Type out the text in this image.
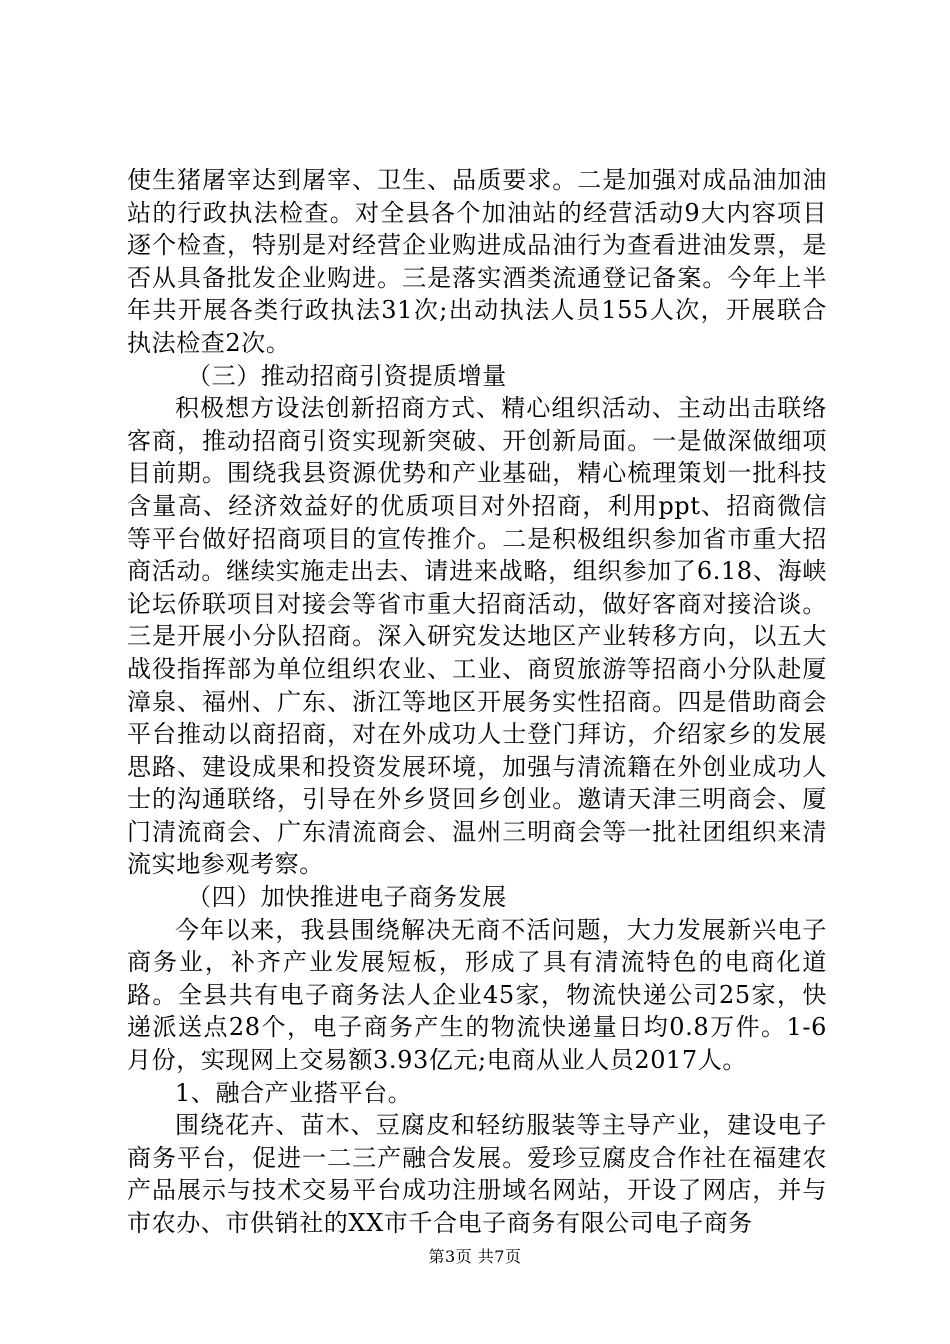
使生猪屠宰达到屠宰、卫生、品质要求。二是加强对成品油加油站的行政执法检查。对全县各个加油站的经营活动9大内容项目逐个检查，特别是对经营企业购进成品油行为查看进油发票，是否从具备批发企业购进。三是落实酒类流通登记备案。今年上半年共开展各类行政执法31次;出动执法人员155人次，开展联合执法检查2次。

（三）推动招商引资提质增量

积极想方设法创新招商方式、精心组织活动、主动出击联络客商，推动招商引资实现新突破、开创新局面。一是做深做细项目前期。围绕我县资源优势和产业基础，精心梳理策划一批科技含量高、经济效益好的优质项目对外招商，利用ppt、招商微信等平台做好招商项目的宣传推介。二是积极组织参加省市重大招商活动。继续实施走出去、请进来战略，组织参加了6.18、海峡论坛侨联项目对接会等省市重大招商活动，做好客商对接洽谈。三是开展小分队招商。深入研究发达地区产业转移方向，以五大战役指挥部为单位组织农业、工业、商贸旅游等招商小分队赴厦漳泉、福州、广东、浙江等地区开展务实性招商。四是借助商会平台推动以商招商，对在外成功人士登门拜访，介绍家乡的发展思路、建设成果和投资发展环境，加强与清流籍在外创业成功人士的沟通联络，引导在外乡贤回乡创业。邀请天津三明商会、厦门清流商会、广东清流商会、温州三明商会等一批社团组织来清流实地参观考察。

（四）加快推进电子商务发展

今年以来，我县围绕解决无商不活问题，大力发展新兴电子商务业，补齐产业发展短板，形成了具有清流特色的电商化道路。全县共有电子商务法人企业45家，物流快递公司25家，快递派送点28个，电子商务产生的物流快递量日均0.8万件。1-6月份，实现网上交易额3.93亿元;电商从业人员2017人。

1、融合产业搭平台。

围绕花卉、苗木、豆腐皮和轻纺服装等主导产业，建设电子商务平台，促进一二三产融合发展。爱珍豆腐皮合作社在福建农产品展示与技术交易平台成功注册域名网站，开设了网店，并与市农办、市供销社的XX市千合电子商务有限公司电子商务

第3页 共7页
